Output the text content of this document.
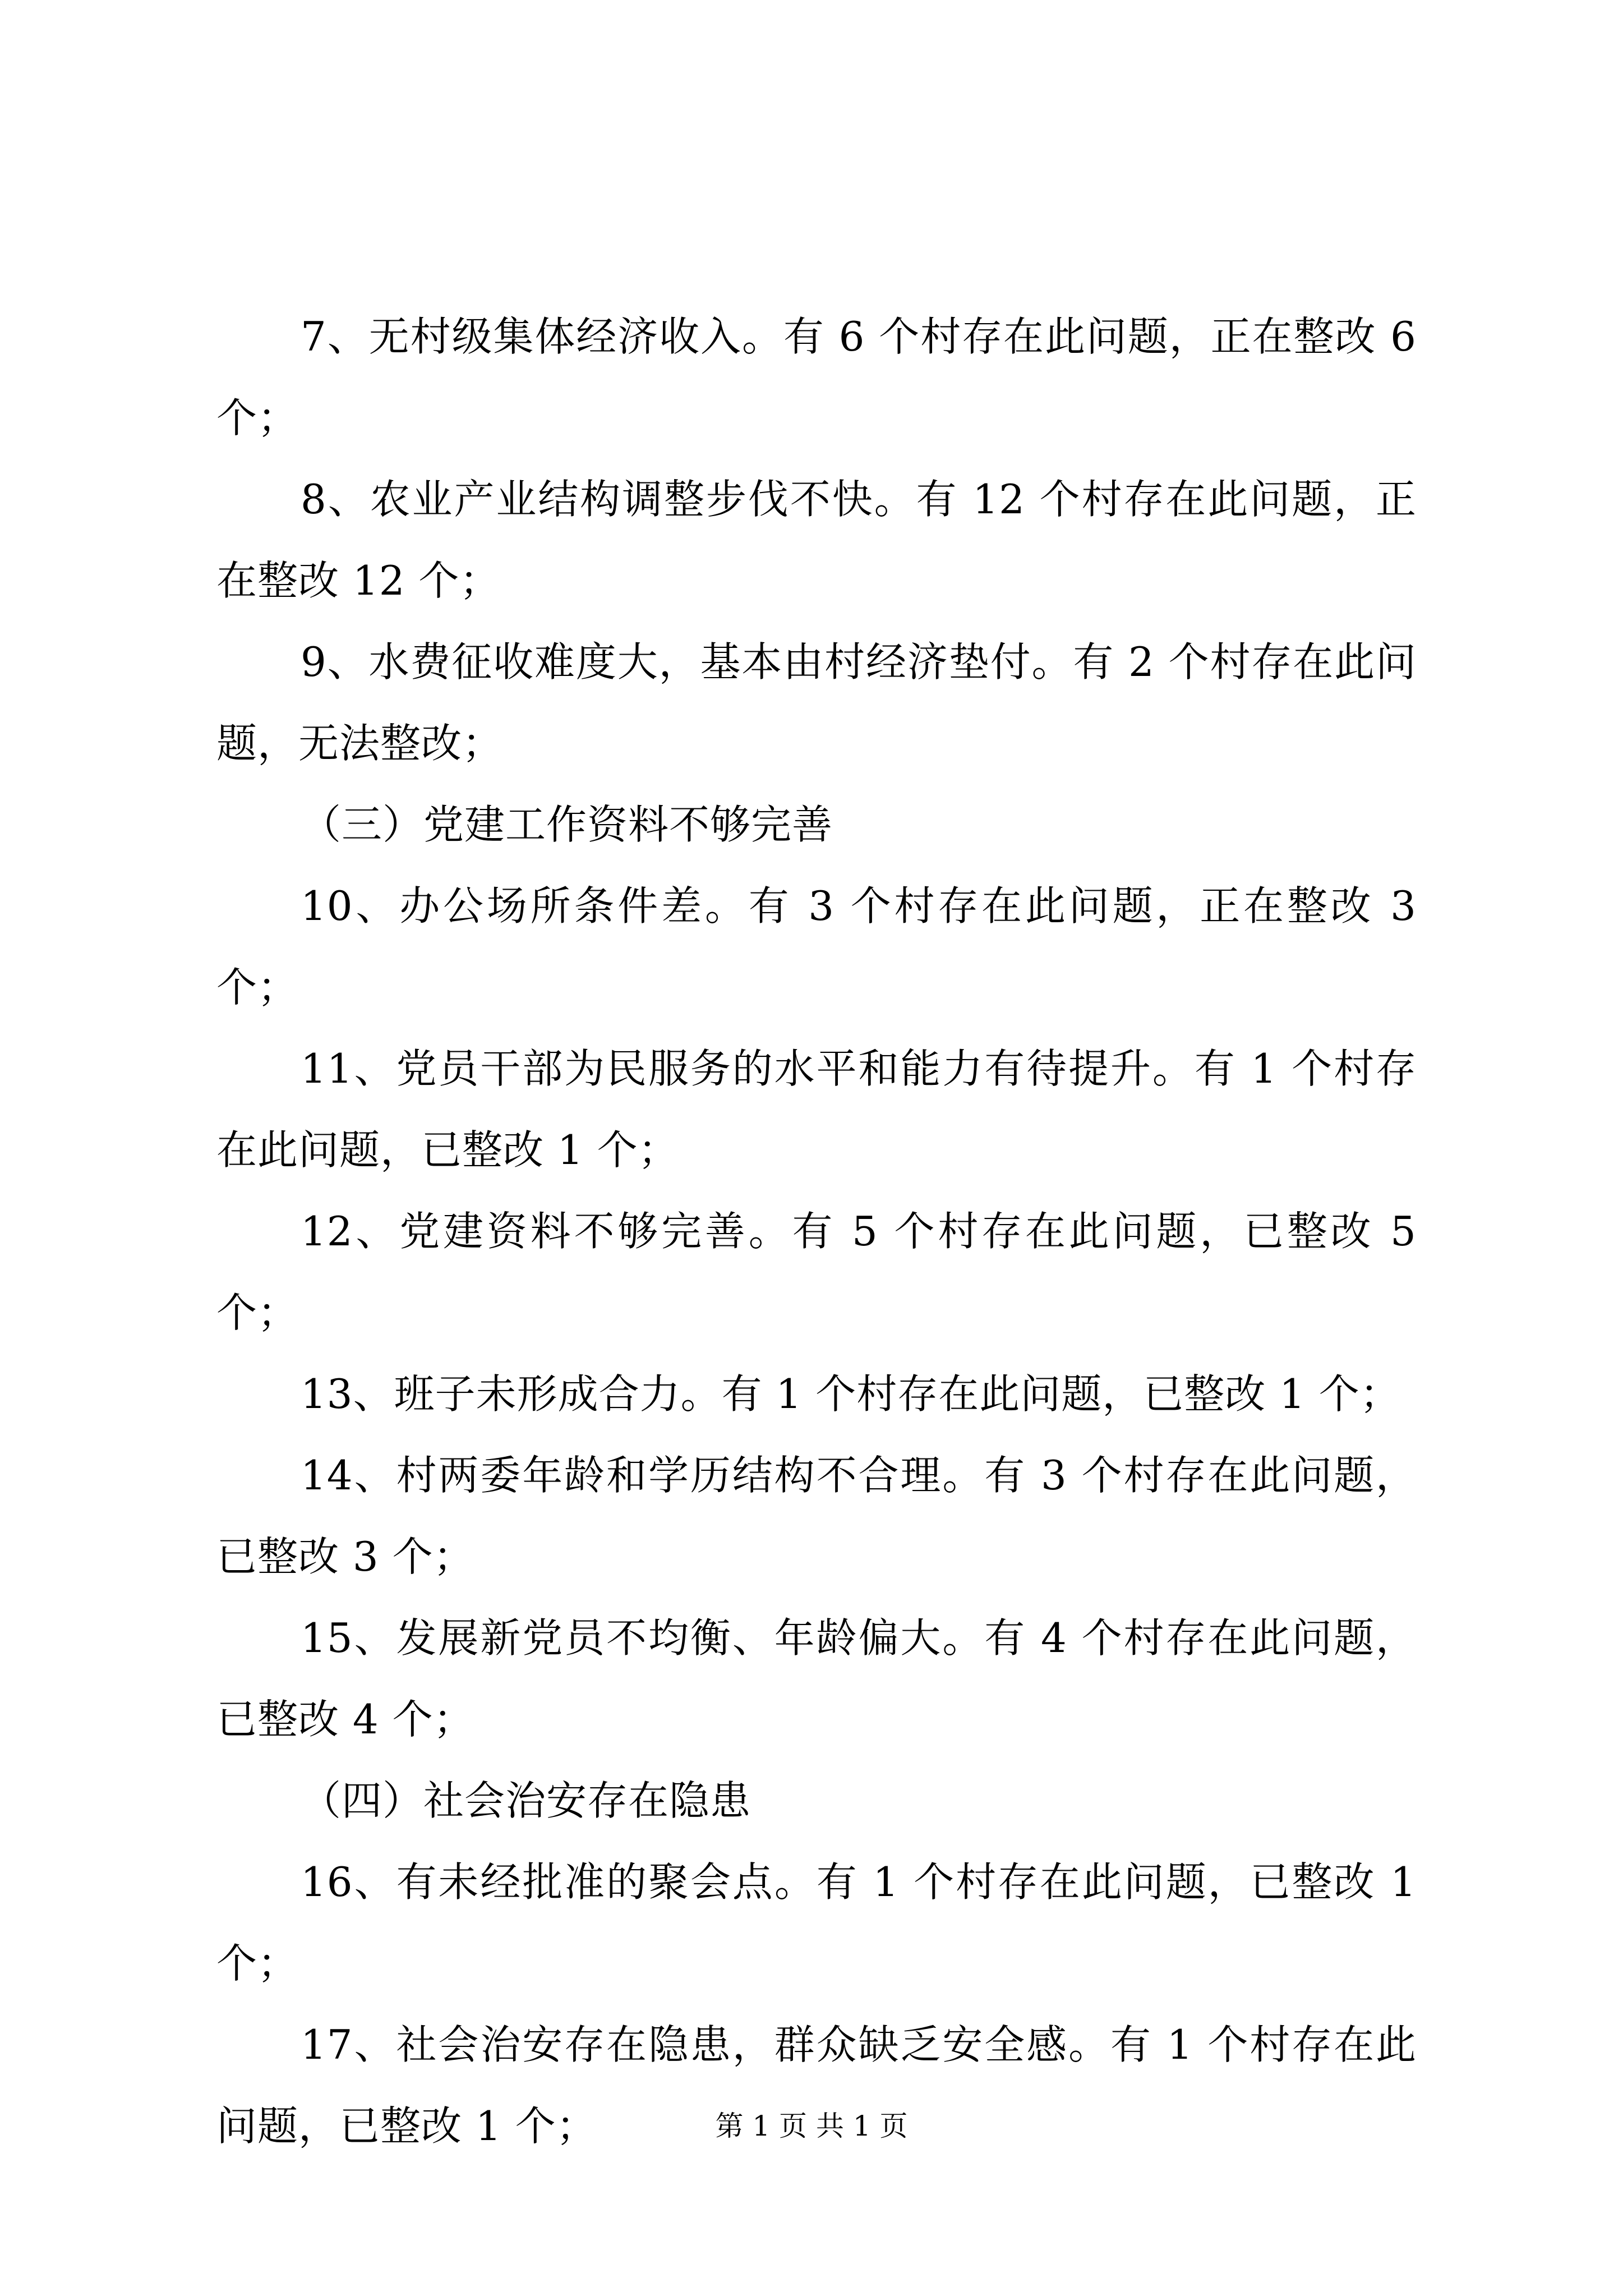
7、无村级集体经济收入。有 6 个村存在此问题，正在整改 6 个；

8、农业产业结构调整步伐不快。有 12 个村存在此问题，正在整改 12 个；

9、水费征收难度大，基本由村经济垫付。有 2 个村存在此问题，无法整改；

（三）党建工作资料不够完善

10、办公场所条件差。有 3 个村存在此问题，正在整改 3 个；

11、党员干部为民服务的水平和能力有待提升。有 1 个村存在此问题，已整改 1 个；

12、党建资料不够完善。有 5 个村存在此问题，已整改 5 个；

13、班子未形成合力。有 1 个村存在此问题，已整改 1 个；

14、村两委年龄和学历结构不合理。有 3 个村存在此问题，已整改 3 个；

15、发展新党员不均衡、年龄偏大。有 4 个村存在此问题，已整改 4 个；

（四）社会治安存在隐患

16、有未经批准的聚会点。有 1 个村存在此问题，已整改 1 个；

17、社会治安存在隐患，群众缺乏安全感。有 1 个村存在此问题，已整改 1 个；	第 1 页 共 1 页
